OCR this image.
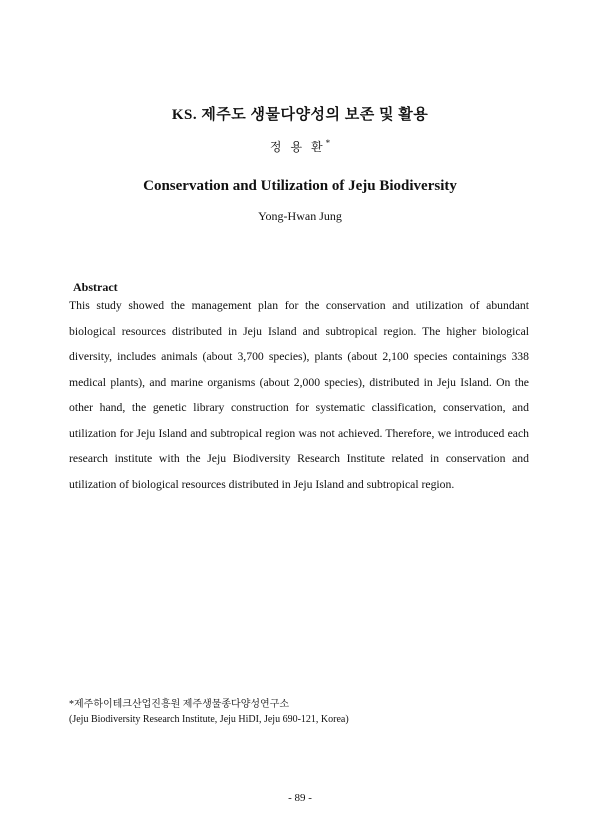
KS. 제주도 생물다양성의 보존 및 활용
정 용 환*
Conservation and Utilization of Jeju Biodiversity
Yong-Hwan Jung
Abstract
This study showed the management plan for the conservation and utilization of abundant biological resources distributed in Jeju Island and subtropical region. The higher biological diversity, includes animals (about 3,700 species), plants (about 2,100 species containings 338 medical plants), and marine organisms (about 2,000 species), distributed in Jeju Island. On the other hand, the genetic library construction for systematic classification, conservation, and utilization for Jeju Island and subtropical region was not achieved. Therefore, we introduced each research institute with the Jeju Biodiversity Research Institute related in conservation and utilization of biological resources distributed in Jeju Island and subtropical region.
*제주하이테크산업진흥원 제주생물종다양성연구소
(Jeju Biodiversity Research Institute, Jeju HiDI, Jeju 690-121, Korea)
- 89 -
